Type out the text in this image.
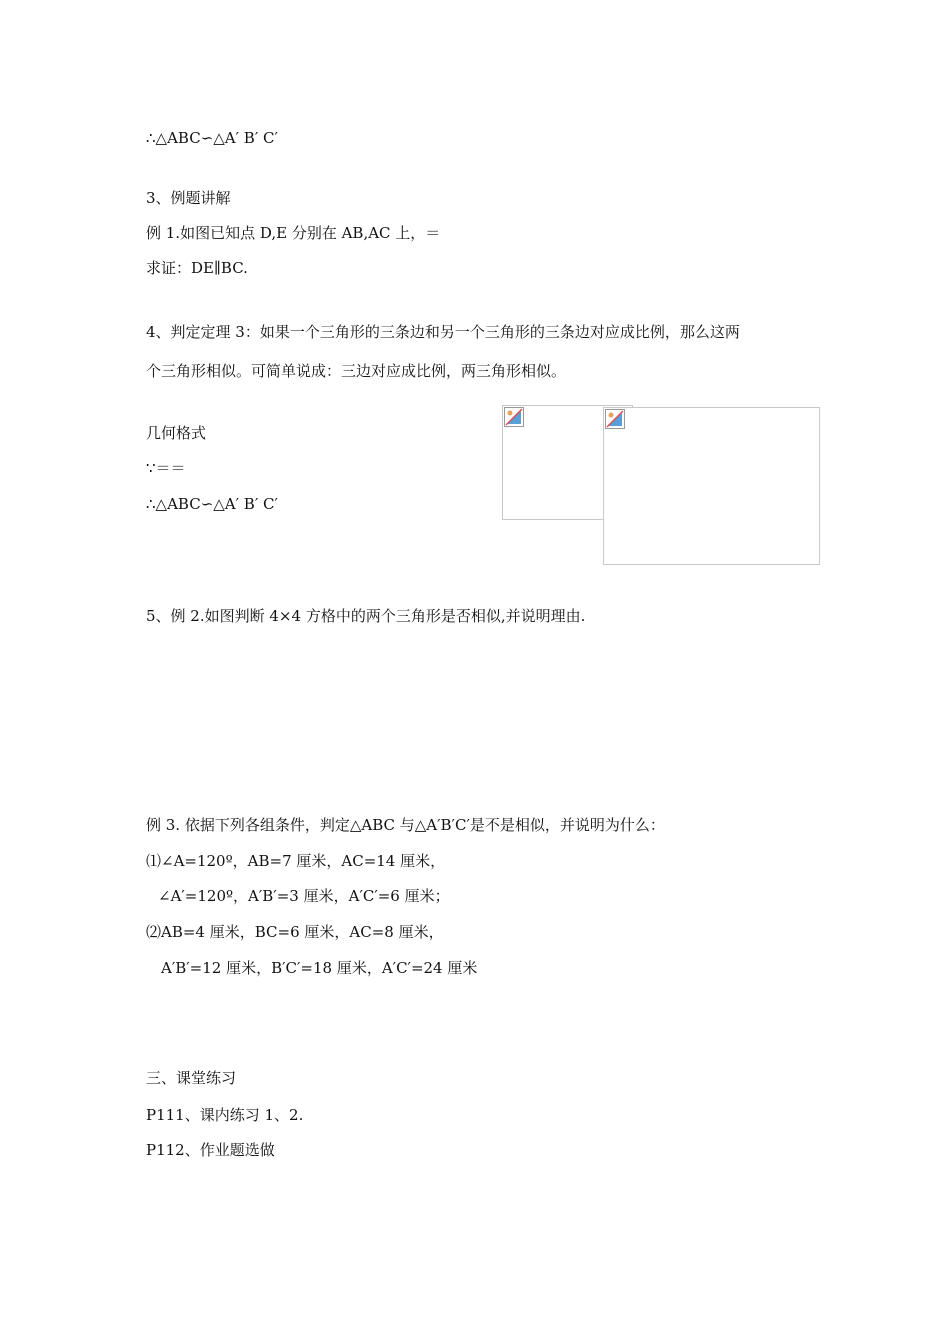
∴△ABC∽△A′ B′ C′
3、例题讲解
例 1.如图已知点 D,E 分别在 AB,AC 上，＝
求证：DE∥BC.
4、判定定理 3：如果一个三角形的三条边和另一个三角形的三条边对应成比例，那么这两
个三角形相似。可简单说成：三边对应成比例，两三角形相似。
几何格式
∵＝＝
∴△ABC∽△A′ B′ C′
5、例 2.如图判断 4×4 方格中的两个三角形是否相似,并说明理由.
例 3. 依据下列各组条件，判定△ABC 与△A′B′C′是不是相似，并说明为什么：
⑴∠A=120º，AB=7 厘米，AC=14 厘米，
∠A′=120º，A′B′=3 厘米，A′C′=6 厘米；
⑵AB=4 厘米，BC=6 厘米，AC=8 厘米，
A′B′=12 厘米，B′C′=18 厘米，A′C′=24 厘米
三、课堂练习
P111、课内练习 1、2.
P112、作业题选做
